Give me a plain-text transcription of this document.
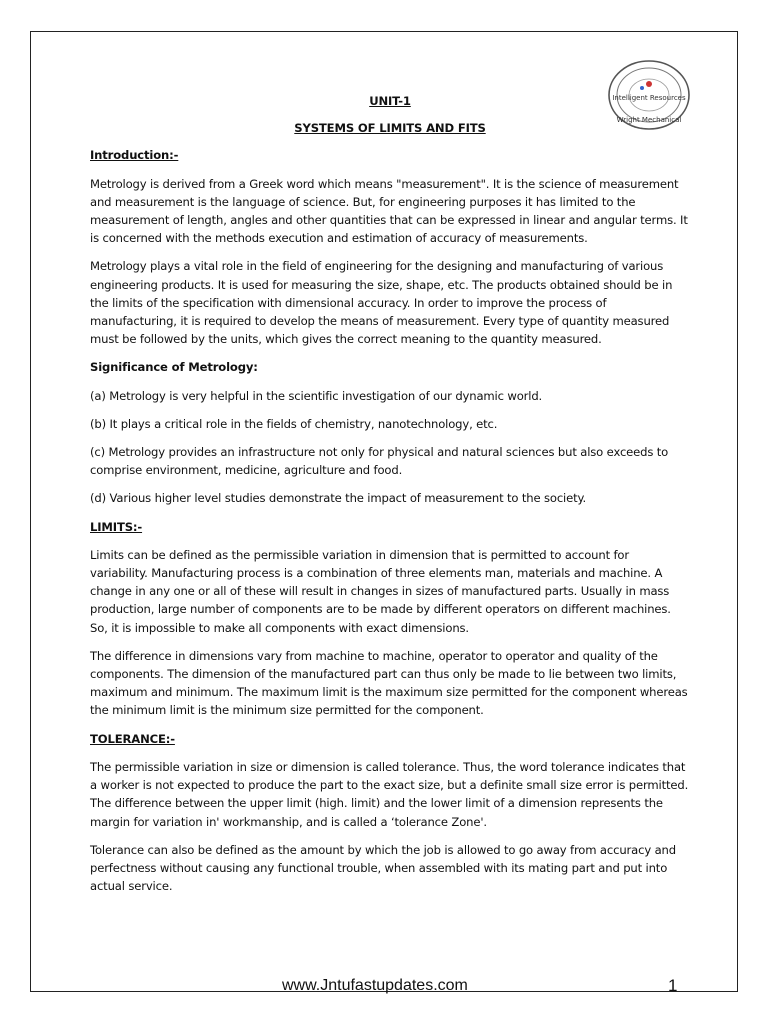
Intelligent Resources
Wright Mechanical

UNIT-1

SYSTEMS OF LIMITS AND FITS

Introduction:-

Metrology is derived from a Greek word which means "measurement". It is the science of measurement and measurement is the language of science. But, for engineering purposes it has limited to the measurement of length, angles and other quantities that can be expressed in linear and angular terms. It is concerned with the methods execution and estimation of accuracy of measurements.

Metrology plays a vital role in the field of engineering for the designing and manufacturing of various engineering products. It is used for measuring the size, shape, etc. The products obtained should be in the limits of the specification with dimensional accuracy. In order to improve the process of manufacturing, it is required to develop the means of measurement. Every type of quantity measured must be followed by the units, which gives the correct meaning to the quantity measured.

Significance of Metrology:

(a) Metrology is very helpful in the scientific investigation of our dynamic world.

(b) It plays a critical role in the fields of chemistry, nanotechnology, etc.

(c) Metrology provides an infrastructure not only for physical and natural sciences but also exceeds to comprise environment, medicine, agriculture and food.

(d) Various higher level studies demonstrate the impact of measurement to the society.

LIMITS:-

Limits can be defined as the permissible variation in dimension that is permitted to account for variability. Manufacturing process is a combination of three elements man, materials and machine. A change in any one or all of these will result in changes in sizes of manufactured parts. Usually in mass production, large number of components are to be made by different operators on different machines. So, it is impossible to make all components with exact dimensions.

The difference in dimensions vary from machine to machine, operator to operator and quality of the components. The dimension of the manufactured part can thus only be made to lie between two limits, maximum and minimum. The maximum limit is the maximum size permitted for the component whereas the minimum limit is the minimum size permitted for the component.

TOLERANCE:-

The permissible variation in size or dimension is called tolerance. Thus, the word tolerance indicates that a worker is not expected to produce the part to the exact size, but a definite small size error is permitted. The difference between the upper limit (high. limit) and the lower limit of a dimension represents the margin for variation in' workmanship, and is called a ‘tolerance Zone'.

Tolerance can also be defined as the amount by which the job is allowed to go away from accuracy and perfectness without causing any functional trouble, when assembled with its mating part and put into actual service.

www.Jntufastupdates.com	1
